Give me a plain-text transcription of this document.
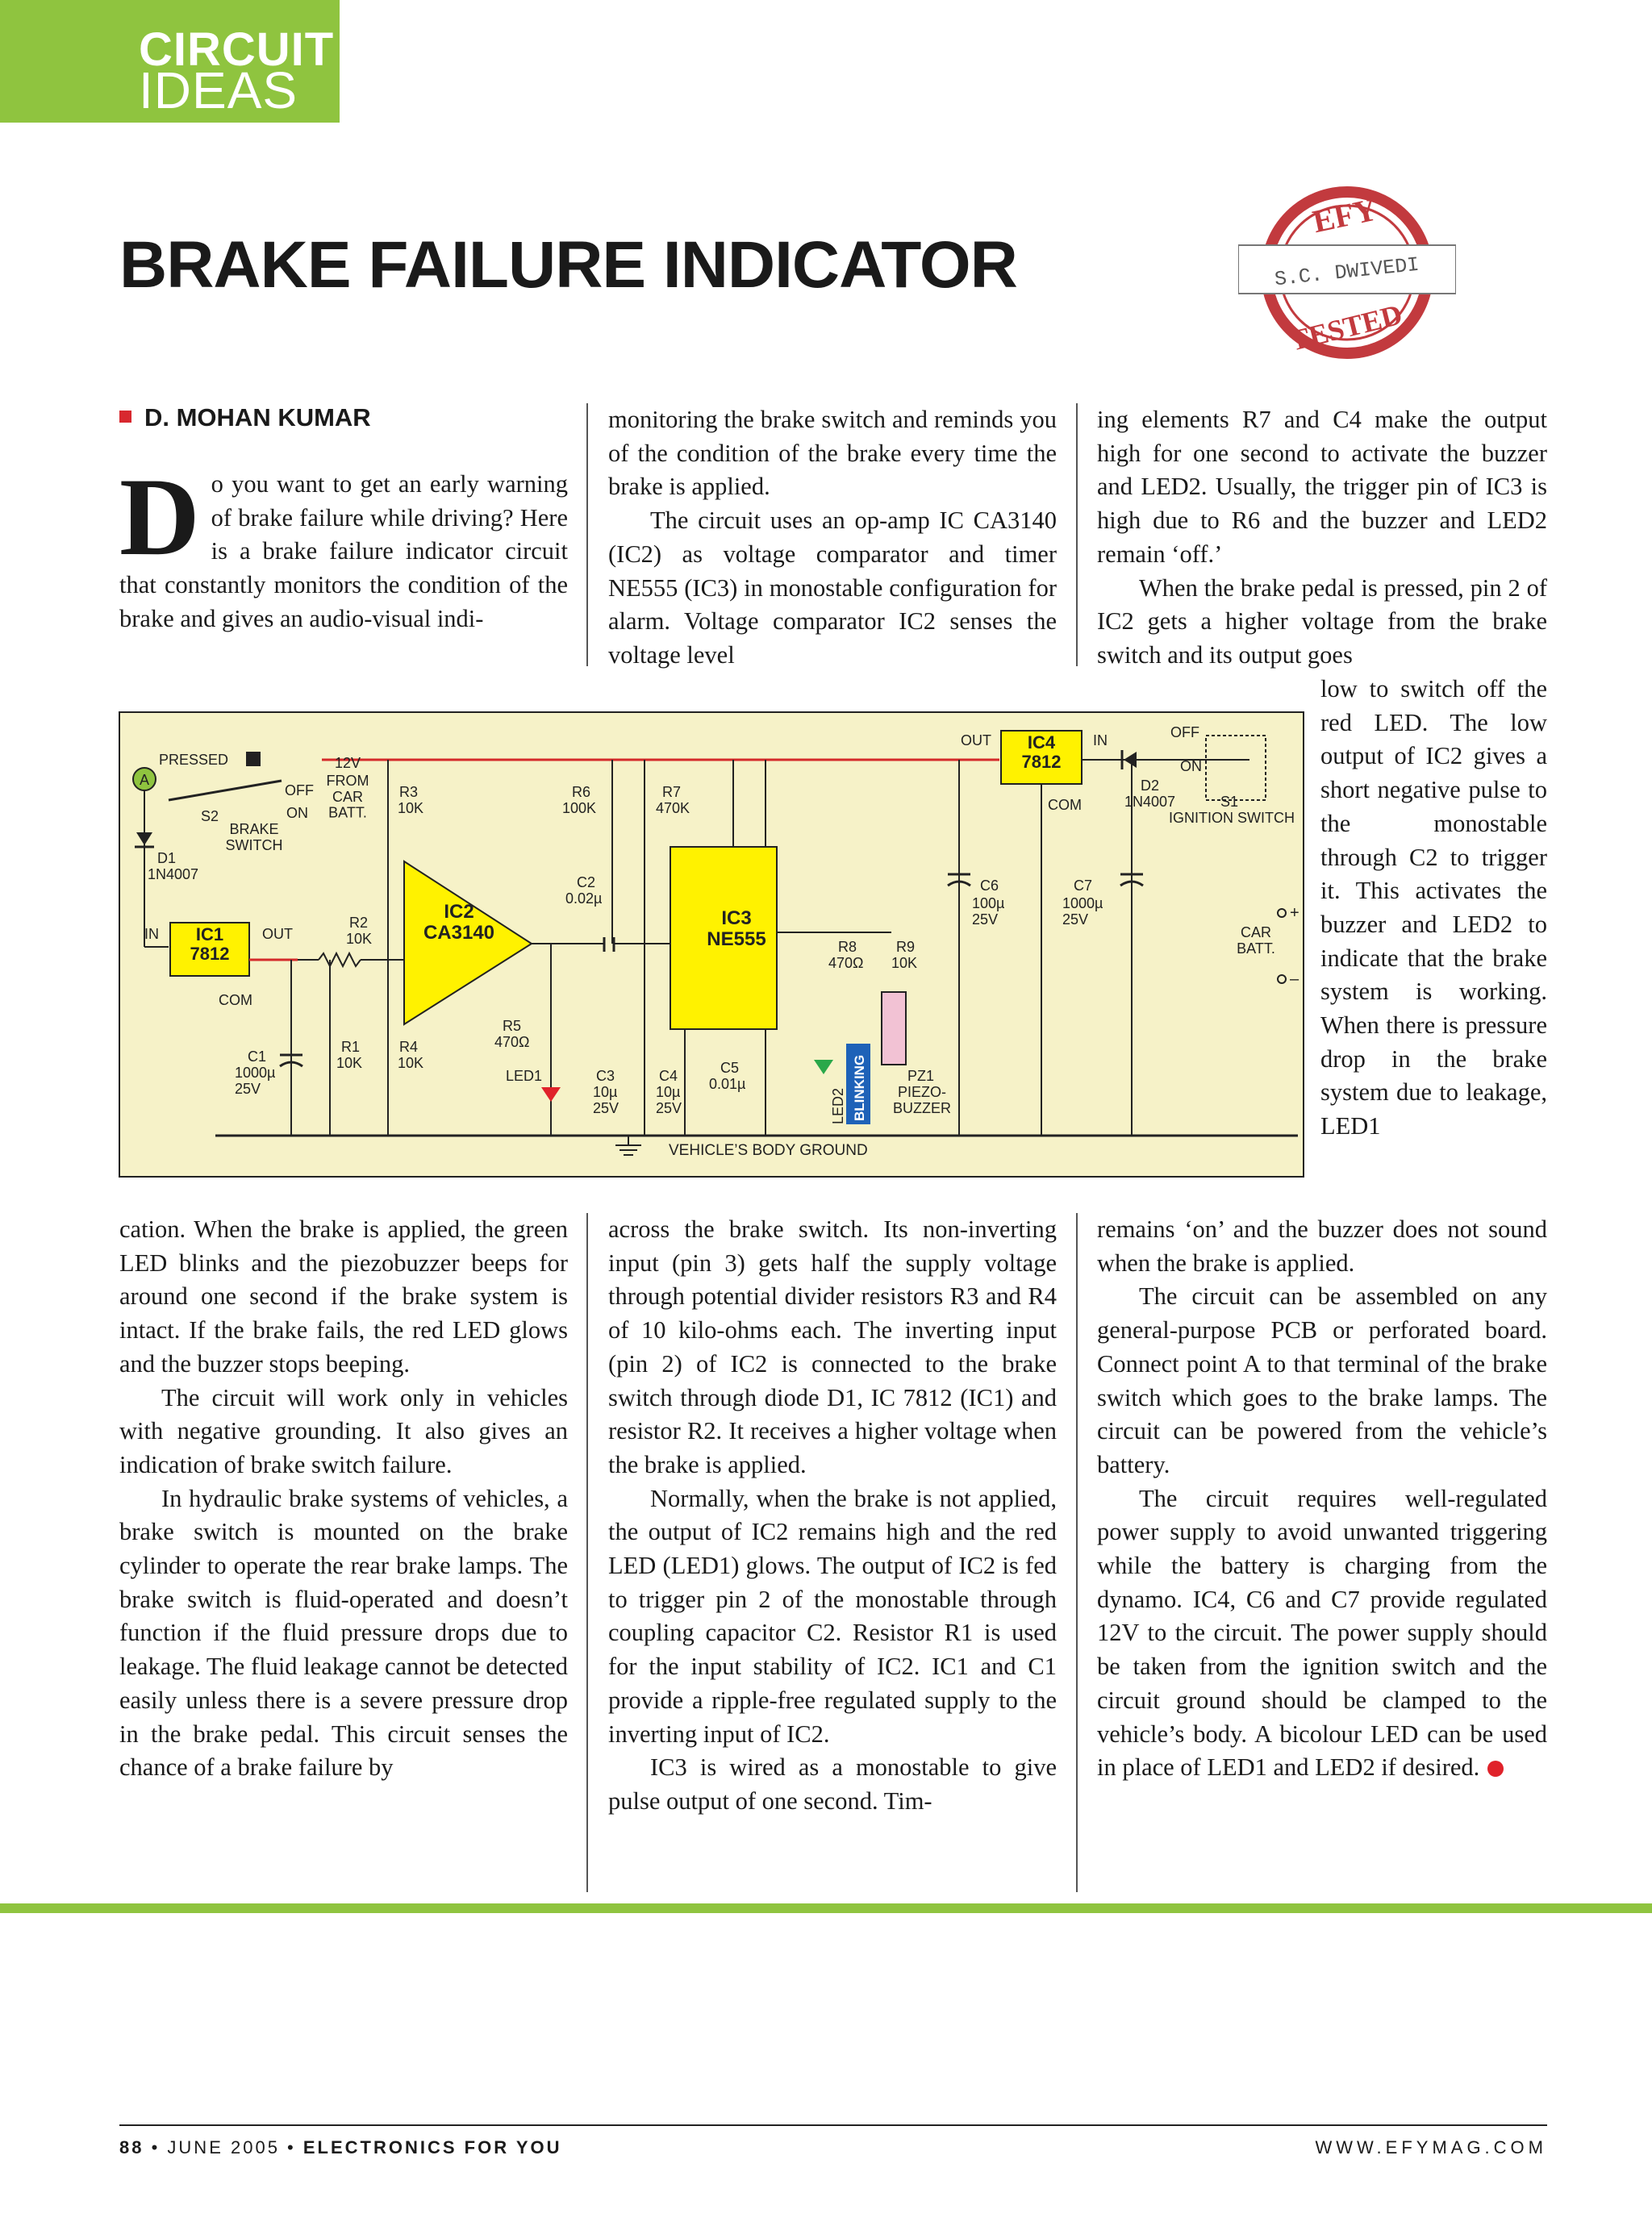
CIRCUIT
IDEAS
BRAKE FAILURE INDICATOR
EFY
S.C. DWIVEDI
TESTED
D. MOHAN KUMAR

Do you want to get an early warning of brake failure while driving? Here is a brake failure indicator circuit that constantly monitors the condition of the brake and gives an audio-visual indi-

monitoring the brake switch and reminds you of the condition of the brake every time the brake is applied.

The circuit uses an op-amp IC CA3140 (IC2) as voltage comparator and timer NE555 (IC3) in monostable configuration for alarm. Voltage comparator IC2 senses the voltage level

ing elements R7 and C4 make the output high for one second to activate the buzzer and LED2. Usually, the trigger pin of IC3 is high due to R6 and the buzzer and LED2 remain ‘off.’

When the brake pedal is pressed, pin 2 of IC2 gets a higher voltage from the brake switch and its output goes

low to switch off the red LED. The low output of IC2 gives a short negative pulse to the monostable through C2 to trigger it. This activates the buzzer and LED2 to indicate that the brake system is working. When there is pressure drop in the brake system due to leakage, LED1

IC4
7812
OUT	IN
COM
D2
1N4007
OFF
ON
S1
IGNITION SWITCH
CAR BATT.
+
–
C6
100µ 25V
C7
1000µ 25V
A
PRESSED
S2
BRAKE SWITCH
OFF
ON
12V
FROM CAR BATT.
D1
1N4007
IC1
7812
IN	OUT
COM
R2
10K
C1
1000µ 25V
R1
10K
R3
10K
R4
10K
IC2
CA3140
R5
470Ω
LED1
C2
0.02µ
R6
100K
R7
470K
C3
10µ 25V
C4
10µ 25V
IC3
NE555
C5
0.01µ
R8
470Ω
R9
10K
LED2 BLINKING	PZ1
PIEZO-BUZZER
VEHICLE’S BODY GROUND

cation. When the brake is applied, the green LED blinks and the piezobuzzer beeps for around one second if the brake system is intact. If the brake fails, the red LED glows and the buzzer stops beeping.

The circuit will work only in vehicles with negative grounding. It also gives an indication of brake switch failure.

In hydraulic brake systems of vehicles, a brake switch is mounted on the brake cylinder to operate the rear brake lamps. The brake switch is fluid-operated and doesn’t function if the fluid pressure drops due to leakage. The fluid leakage cannot be detected easily unless there is a severe pressure drop in the brake pedal. This circuit senses the chance of a brake failure by

across the brake switch. Its non-inverting input (pin 3) gets half the supply voltage through potential divider resistors R3 and R4 of 10 kilo-ohms each. The inverting input (pin 2) of IC2 is connected to the brake switch through diode D1, IC 7812 (IC1) and resistor R2. It receives a higher voltage when the brake is applied.

Normally, when the brake is not applied, the output of IC2 remains high and the red LED (LED1) glows. The output of IC2 is fed to trigger pin 2 of the monostable through coupling capacitor C2. Resistor R1 is used for the input stability of IC2. IC1 and C1 provide a ripple-free regulated supply to the inverting input of IC2.

IC3 is wired as a monostable to give pulse output of one second. Tim-

remains ‘on’ and the buzzer does not sound when the brake is applied.

The circuit can be assembled on any general-purpose PCB or perforated board. Connect point A to that terminal of the brake switch which goes to the brake lamps. The circuit can be powered from the vehicle’s battery.

The circuit requires well-regulated power supply to avoid unwanted triggering while the battery is charging from the dynamo. IC4, C6 and C7 provide regulated 12V to the circuit. The power supply should be taken from the ignition switch and the circuit ground should be clamped to the vehicle’s body. A bicolour LED can be used in place of LED1 and LED2 if desired.

88 • JUNE 2005 • ELECTRONICS FOR YOU	WWW.EFYMAG.COM
